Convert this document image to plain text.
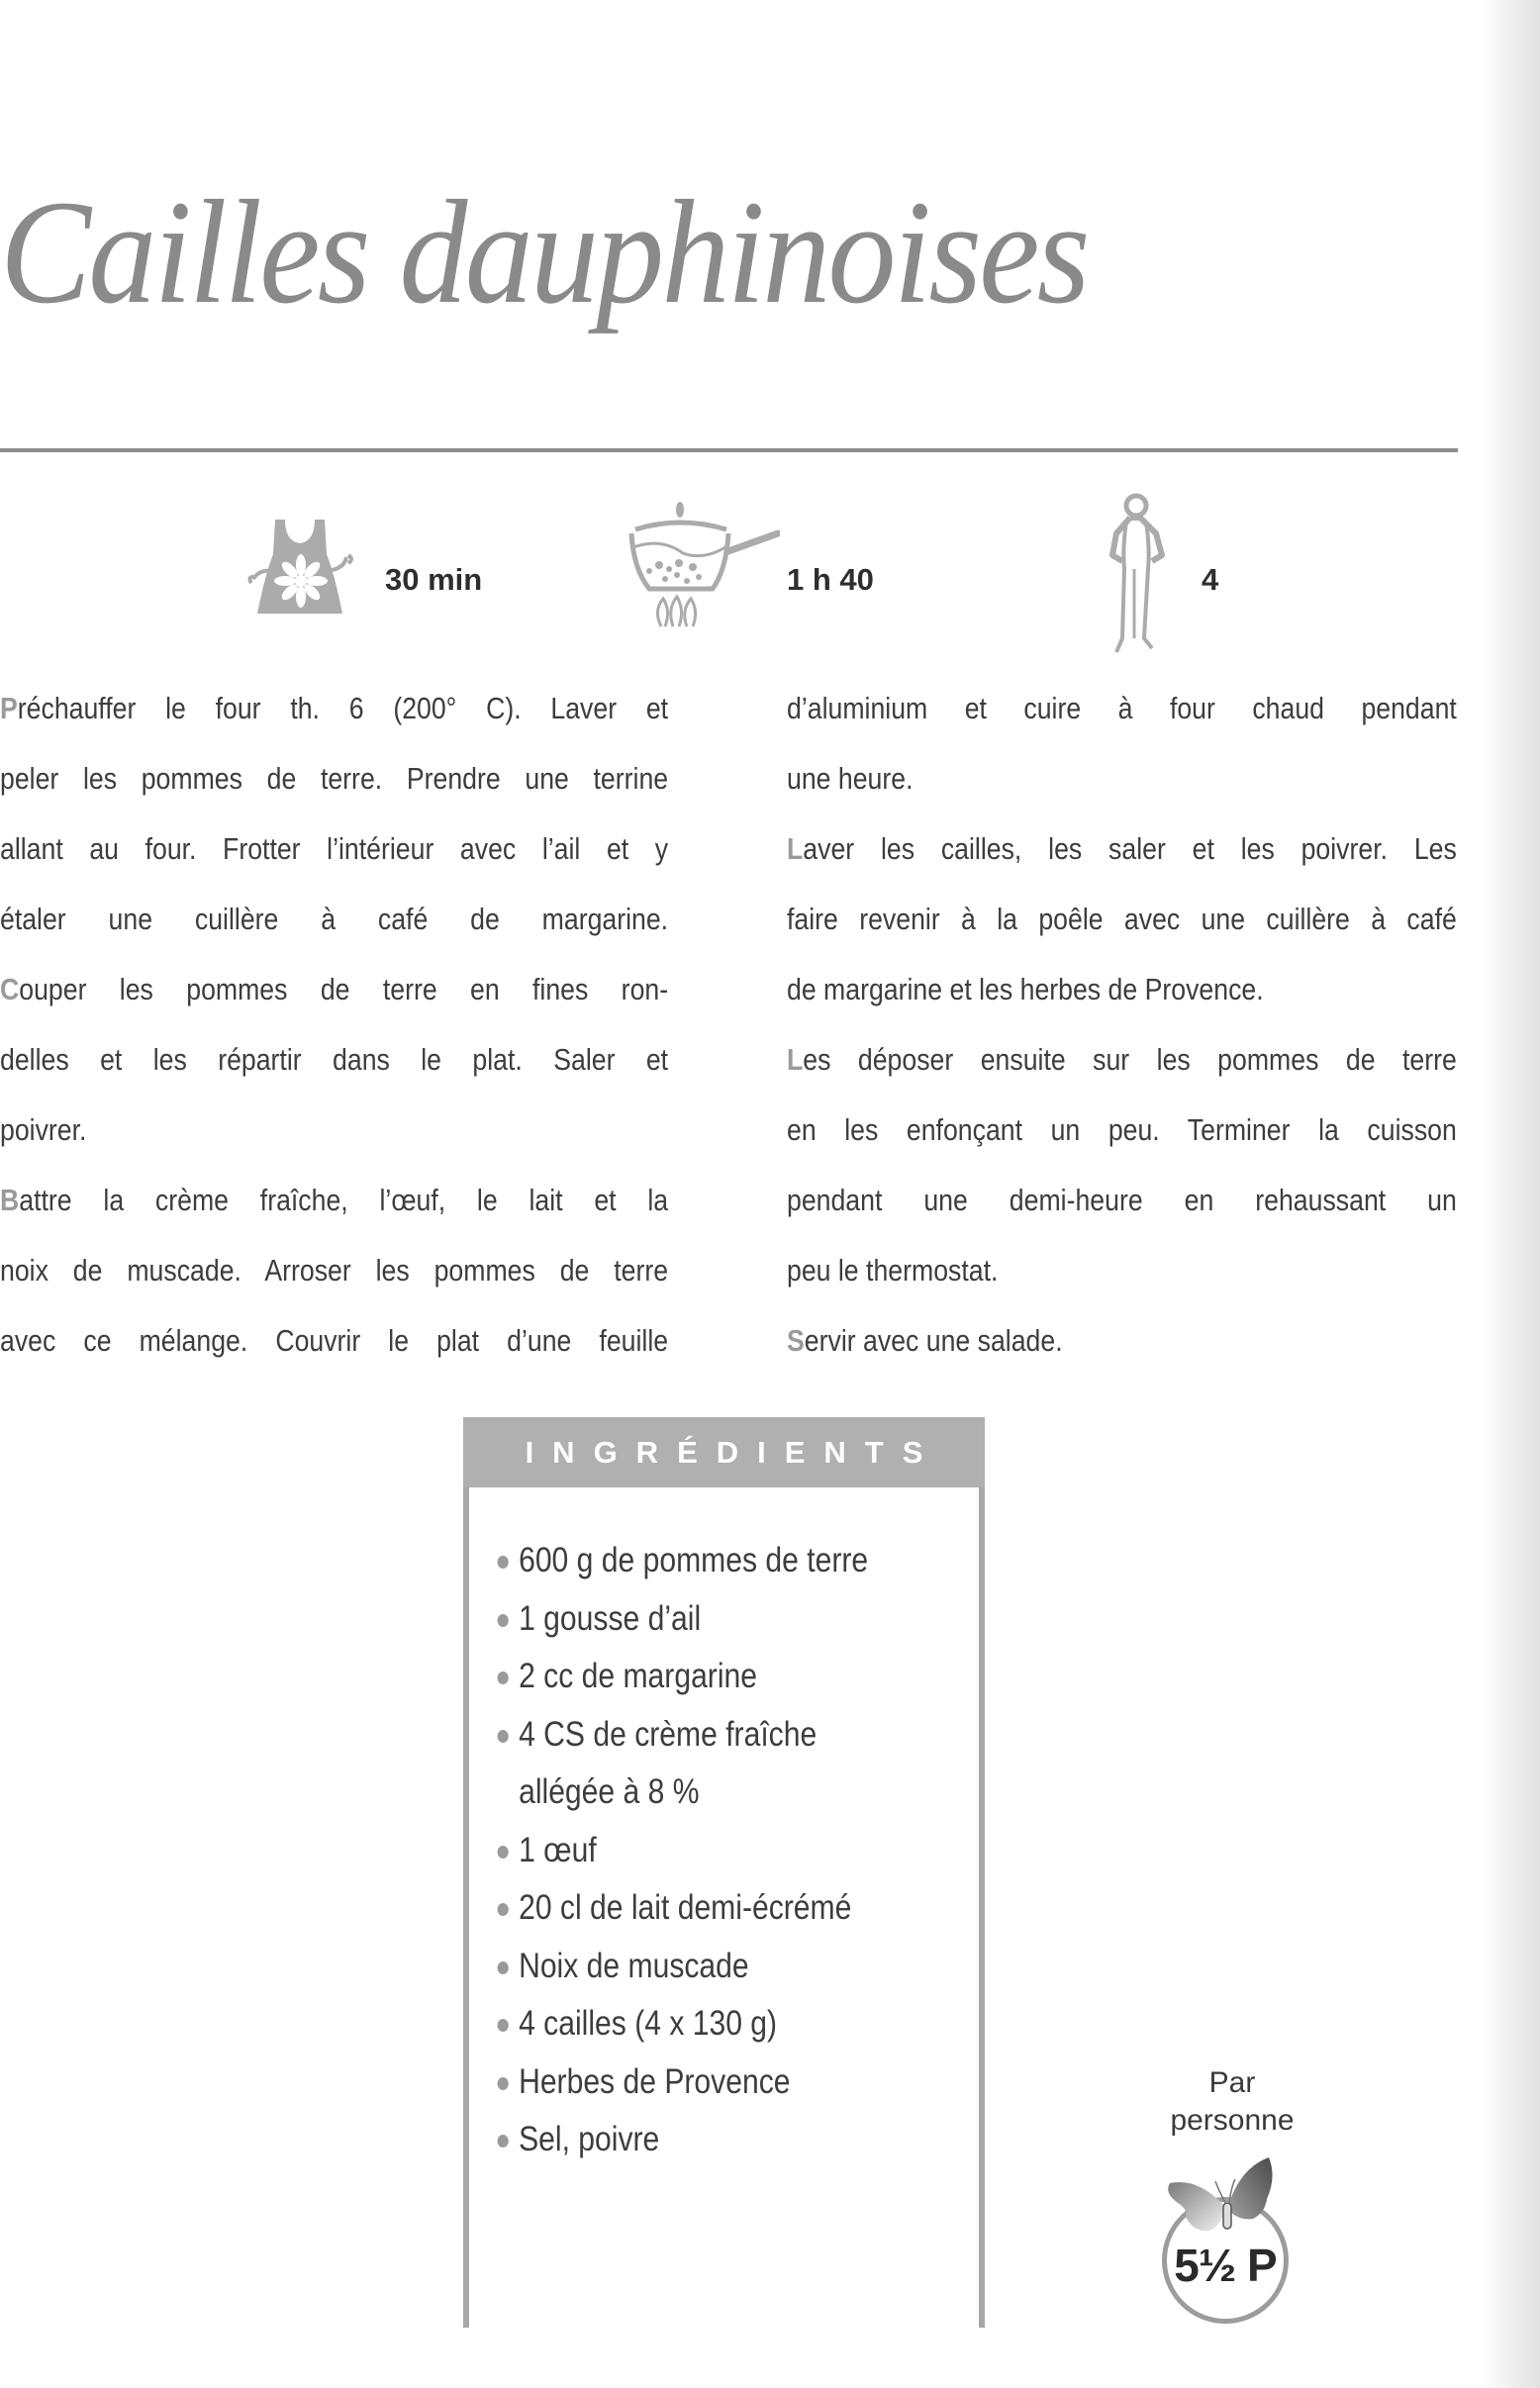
Cailles dauphinoises
30 min	1 h 40	4

Préchauffer le four th. 6 (200° C). Laver et

peler les pommes de terre. Prendre une terrine

allant au four. Frotter l’intérieur avec l’ail et y

étaler une cuillère à café de margarine.

Couper les pommes de terre en fines ron-

delles et les répartir dans le plat. Saler et

poivrer.

Battre la crème fraîche, l’œuf, le lait et la

noix de muscade. Arroser les pommes de terre

avec ce mélange. Couvrir le plat d’une feuille

d’aluminium et cuire à four chaud pendant

une heure.

Laver les cailles, les saler et les poivrer. Les

faire revenir à la poêle avec une cuillère à café

de margarine et les herbes de Provence.

Les déposer ensuite sur les pommes de terre

en les enfonçant un peu. Terminer la cuisson

pendant une demi-heure en rehaussant un

peu le thermostat.

Servir avec une salade.

INGRÉDIENTS
600 g de pommes de terre
1 gousse d’ail
2 cc de margarine
4 CS de crème fraîche
allégée à 8 %
1 œuf
20 cl de lait demi-écrémé
Noix de muscade
4 cailles (4 x 130 g)
Herbes de Provence
Sel, poivre
Par
personne
5½ P
